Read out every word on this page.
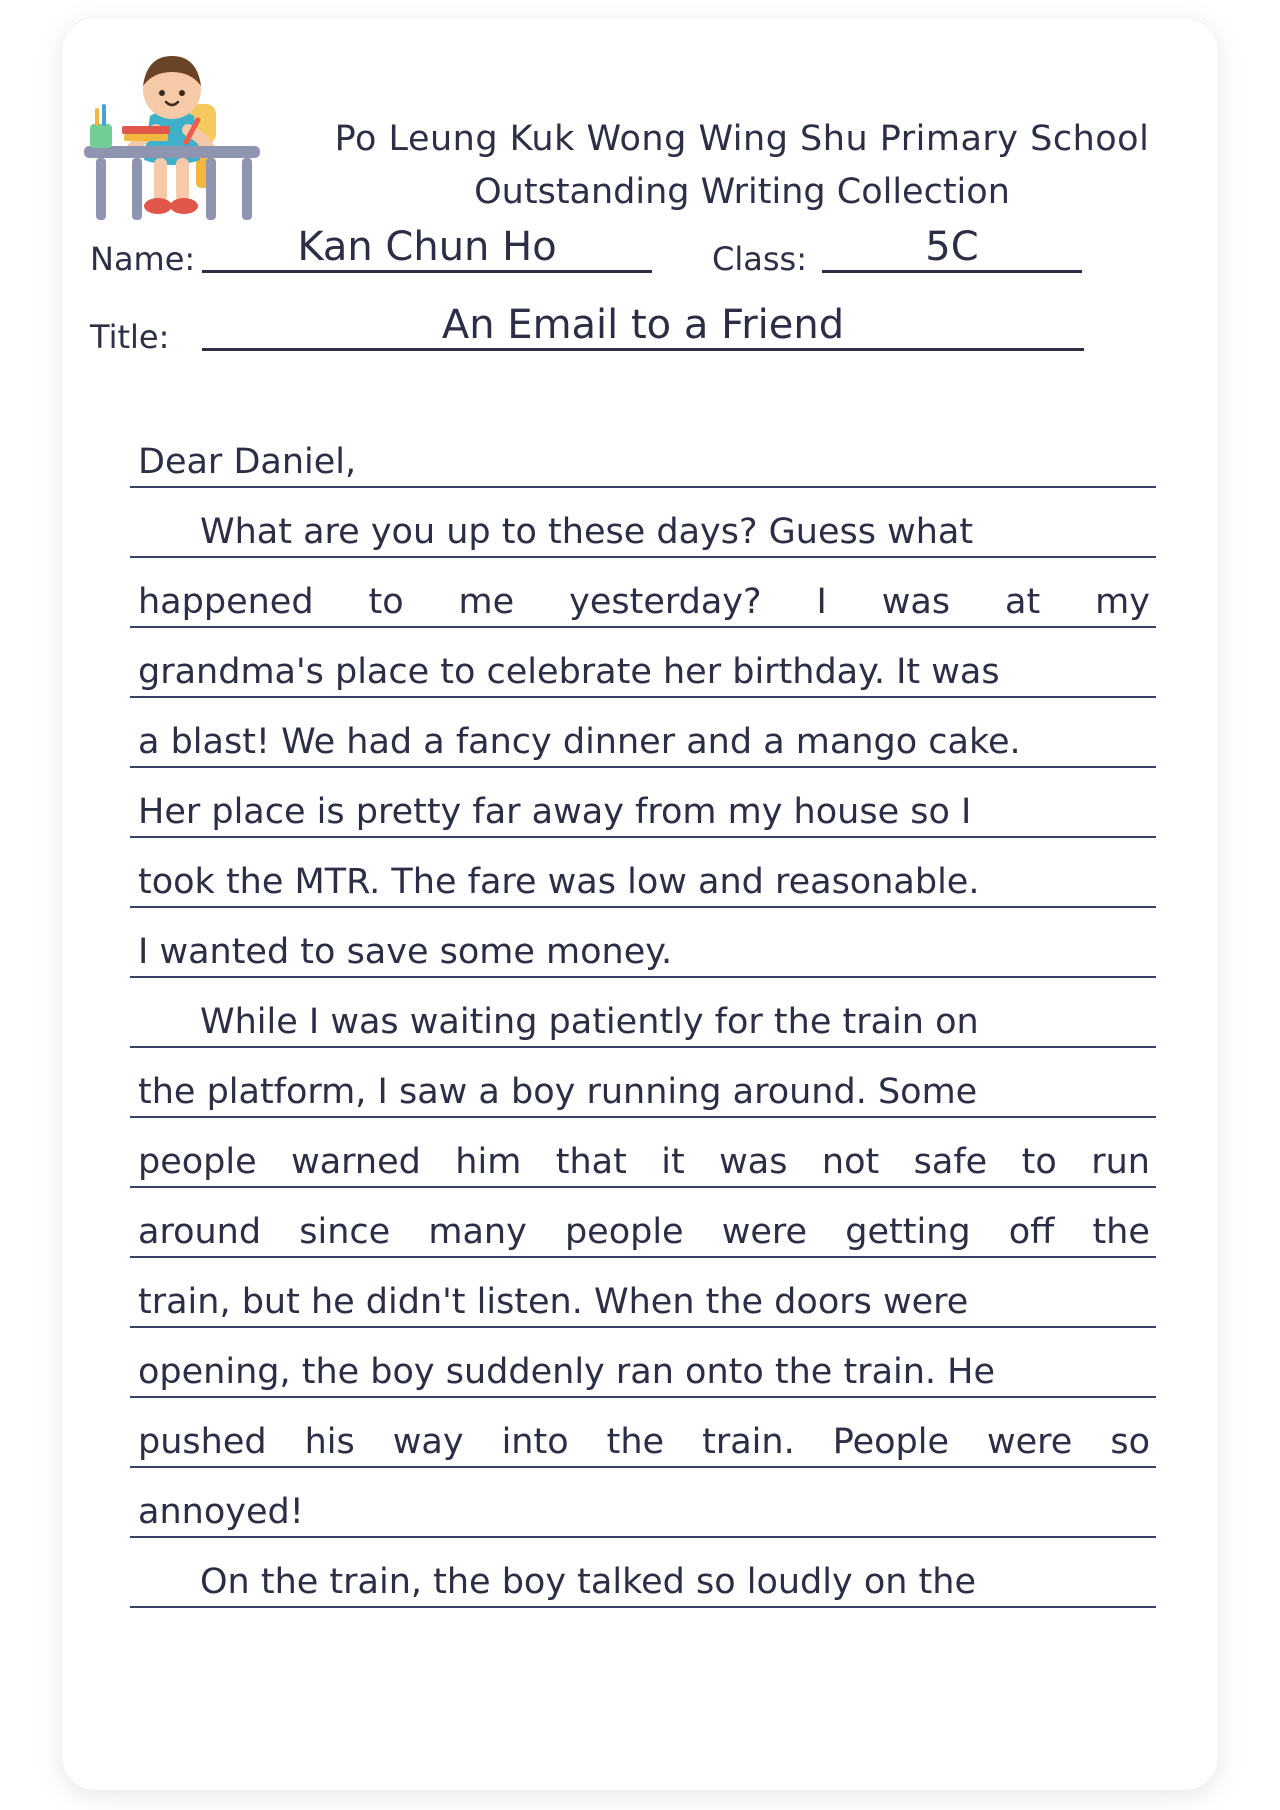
Po Leung Kuk Wong Wing Shu Primary School
Outstanding Writing Collection
Name:	Kan Chun Ho	Class:	5C
Title:	An Email to a Friend
Dear Daniel,
What are you up to these days? Guess what
happened to me yesterday? I was at my
grandma's place to celebrate her birthday. It was
a blast! We had a fancy dinner and a mango cake.
Her place is pretty far away from my house so I
took the MTR. The fare was low and reasonable.
I wanted to save some money.
While I was waiting patiently for the train on
the platform, I saw a boy running around. Some
people warned him that it was not safe to run
around since many people were getting off the
train, but he didn't listen. When the doors were
opening, the boy suddenly ran onto the train. He
pushed his way into the train. People were so
annoyed!
On the train, the boy talked so loudly on the
